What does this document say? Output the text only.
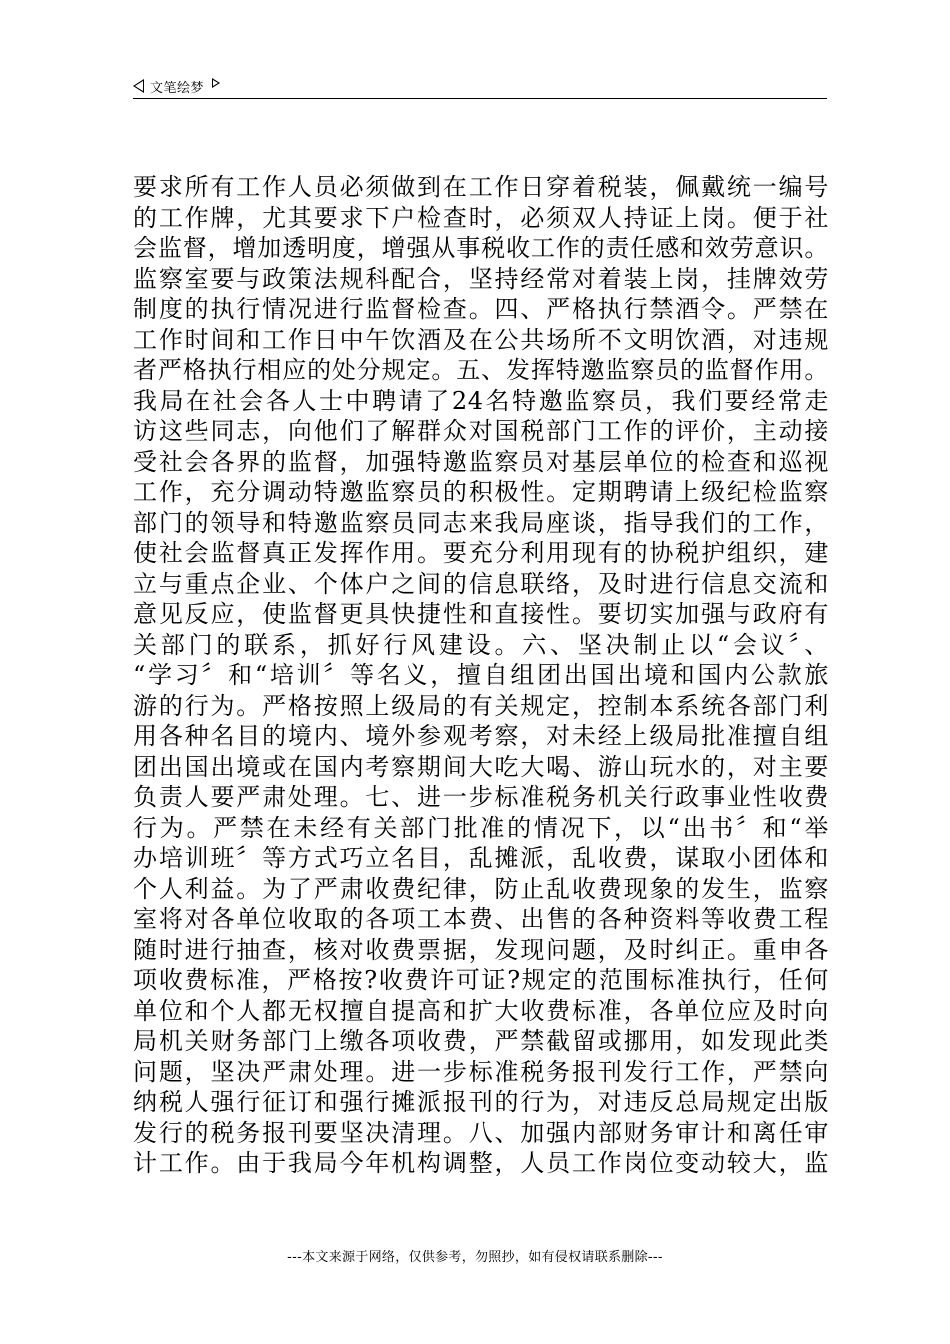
文笔绘梦
要求所有工作人员必须做到在工作日穿着税装，佩戴统一编号
的工作牌，尤其要求下户检查时，必须双人持证上岗。便于社
会监督，增加透明度，增强从事税收工作的责任感和效劳意识。
监察室要与政策法规科配合，坚持经常对着装上岗，挂牌效劳
制度的执行情况进行监督检查。四、严格执行禁酒令。严禁在
工作时间和工作日中午饮酒及在公共场所不文明饮酒，对违规
者严格执行相应的处分规定。五、发挥特邀监察员的监督作用。
我局在社会各人士中聘请了24名特邀监察员，我们要经常走
访这些同志，向他们了解群众对国税部门工作的评价，主动接
受社会各界的监督，加强特邀监察员对基层单位的检查和巡视
工作，充分调动特邀监察员的积极性。定期聘请上级纪检监察
部门的领导和特邀监察员同志来我局座谈，指导我们的工作，
使社会监督真正发挥作用。要充分利用现有的协税护组织，建
立与重点企业、个体户之间的信息联络，及时进行信息交流和
意见反应，使监督更具快捷性和直接性。要切实加强与政府有
关部门的联系，抓好行风建设。六、坚决制止以“会议〞、
“学习〞和“培训〞等名义，擅自组团出国出境和国内公款旅
游的行为。严格按照上级局的有关规定，控制本系统各部门利
用各种名目的境内、境外参观考察，对未经上级局批准擅自组
团出国出境或在国内考察期间大吃大喝、游山玩水的，对主要
负责人要严肃处理。七、进一步标准税务机关行政事业性收费
行为。严禁在未经有关部门批准的情况下，以“出书〞和“举
办培训班〞等方式巧立名目，乱摊派，乱收费，谋取小团体和
个人利益。为了严肃收费纪律，防止乱收费现象的发生，监察
室将对各单位收取的各项工本费、出售的各种资料等收费工程
随时进行抽查，核对收费票据，发现问题，及时纠正。重申各
项收费标准，严格按?收费许可证?规定的范围标准执行，任何
单位和个人都无权擅自提高和扩大收费标准，各单位应及时向
局机关财务部门上缴各项收费，严禁截留或挪用，如发现此类
问题，坚决严肃处理。进一步标准税务报刊发行工作，严禁向
纳税人强行征订和强行摊派报刊的行为，对违反总局规定出版
发行的税务报刊要坚决清理。八、加强内部财务审计和离任审
计工作。由于我局今年机构调整，人员工作岗位变动较大，监
---本文来源于网络，仅供参考，勿照抄，如有侵权请联系删除---
